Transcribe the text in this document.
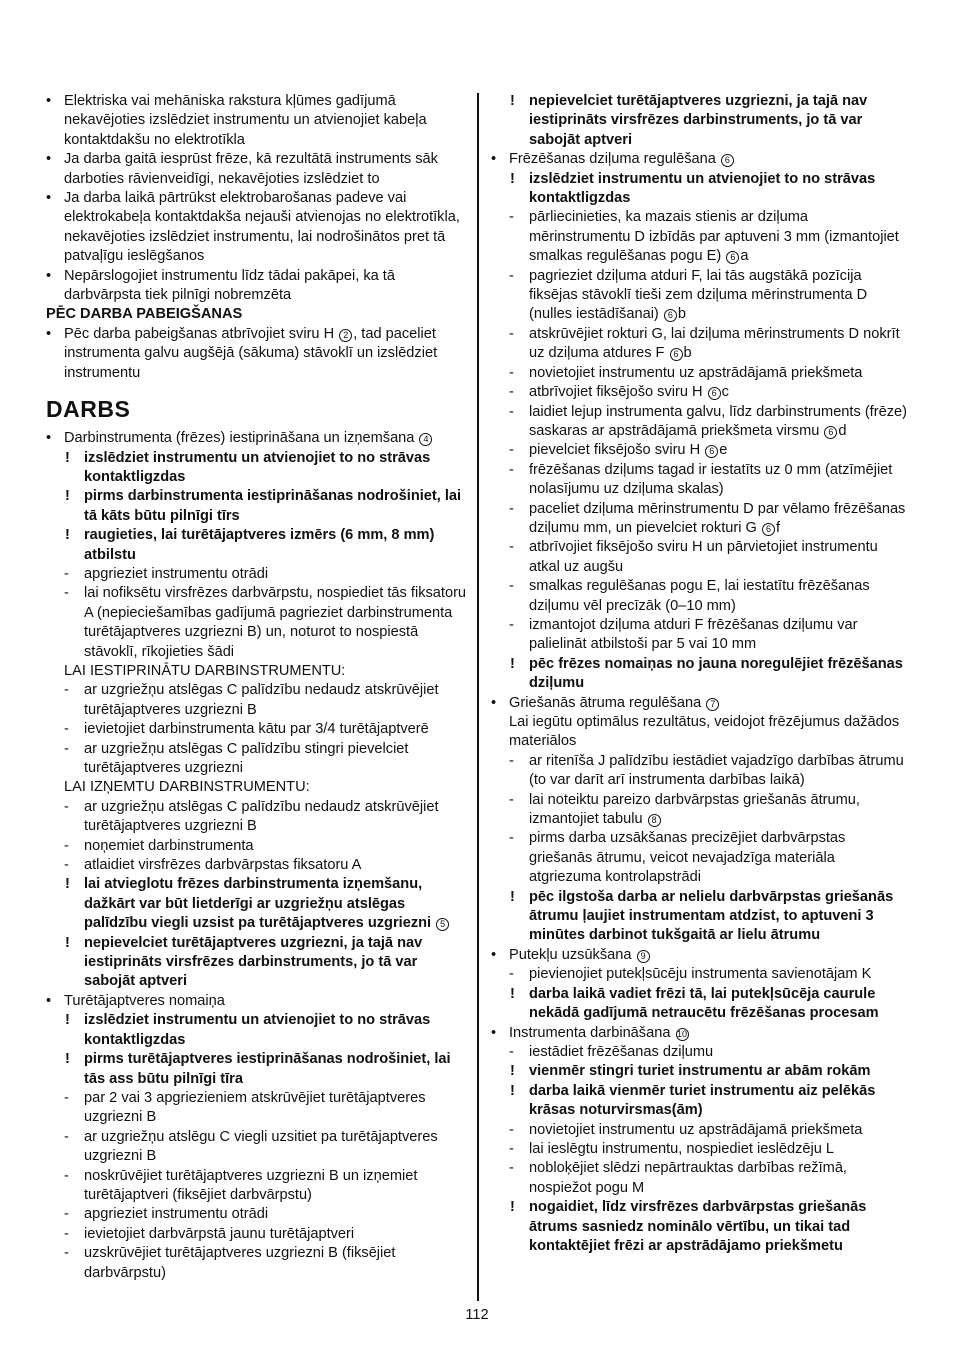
• Elektriska vai mehāniska rakstura kļūmes gadījumā nekavējoties izslēdziet instrumentu un atvienojiet kabeļa kontaktdakšu no elektrotīkla
• Ja darba gaitā iesprūst frēze, kā rezultātā instruments sāk darboties rāvienveidīgi, nekavējoties izslēdziet to
• Ja darba laikā pārtrūkst elektrobarošanas padeve vai elektrokabeļa kontaktdakša nejauši atvienojas no elektrotīkla, nekavējoties izslēdziet instrumentu, lai nodrošinātos pret tā patvaļīgu ieslēgšanos
• Nepārslogojiet instrumentu līdz tādai pakāpei, ka tā darbvārpsta tiek pilnīgi nobremzēta
PĒC DARBA PABEIGŠANAS
• Pēc darba pabeigšanas atbrīvojiet sviru H 2 , tad paceliet instrumenta galvu augšējā (sākuma) stāvoklī un izslēdziet instrumentu
DARBS
• Darbinstrumenta (frēzes) iestiprināšana un izņemšana 4
! izslēdziet instrumentu un atvienojiet to no strāvas kontaktligzdas
! pirms darbinstrumenta iestiprināšanas nodrošiniet, lai tā kāts būtu pilnīgi tīrs
! raugieties, lai turētājaptveres izmērs (6 mm, 8 mm) atbilstu
- apgrieziet instrumentu otrādi
- lai nofiksētu virsfrēzes darbvārpstu, nospiediet tās fiksatoru A (nepieciešamības gadījumā pagrieziet darbinstrumenta turētājaptveres uzgriezni B) un, noturot to nospiestā stāvoklī, rīkojieties šādi
LAI IESTIPRINĀTU DARBINSTRUMENTU:
- ar uzgriežņu atslēgas C palīdzību nedaudz atskrūvējiet turētājaptveres uzgriezni B
- ievietojiet darbinstrumenta kātu par 3/4 turētājaptverē
- ar uzgriežņu atslēgas C palīdzību stingri pievelciet turētājaptveres uzgriezni
LAI IZŅEMTU DARBINSTRUMENTU:
- ar uzgriežņu atslēgas C palīdzību nedaudz atskrūvējiet turētājaptveres uzgriezni B
- noņemiet darbinstrumenta
- atlaidiet virsfrēzes darbvārpstas fiksatoru A
! lai atvieglotu frēzes darbinstrumenta izņemšanu, dažkārt var būt lietderīgi ar uzgriežņu atslēgas palīdzību viegli uzsist pa turētājaptveres uzgriezni 5
! nepievelciet turētājaptveres uzgriezni, ja tajā nav iestiprināts virsfrēzes darbinstruments, jo tā var sabojāt aptveri
• Turētājaptveres nomaiņa
! izslēdziet instrumentu un atvienojiet to no strāvas kontaktligzdas
! pirms turētājaptveres iestiprināšanas nodrošiniet, lai tās ass būtu pilnīgi tīra
- par 2 vai 3 apgriezieniem atskrūvējiet turētājaptveres uzgriezni B
- ar uzgriežņu atslēgu C viegli uzsitiet pa turētājaptveres uzgriezni B
- noskrūvējiet turētājaptveres uzgriezni B un izņemiet turētājaptveri (fiksējiet darbvārpstu)
- apgrieziet instrumentu otrādi
- ievietojiet darbvārpstā jaunu turētājaptveri
- uzskrūvējiet turētājaptveres uzgriezni B (fiksējiet darbvārpstu)
! nepievelciet turētājaptveres uzgriezni, ja tajā nav iestiprināts virsfrēzes darbinstruments, jo tā var sabojāt aptveri
• Frēzēšanas dziļuma regulēšana 6
! izslēdziet instrumentu un atvienojiet to no strāvas kontaktligzdas
- pārliecinieties, ka mazais stienis ar dziļuma mērinstrumentu D izbīdās par aptuveni 3 mm (izmantojiet smalkas regulēšanas pogu E) 6 a
- pagrieziet dziļuma atduri F, lai tās augstākā pozīcija fiksējas stāvoklī tieši zem dziļuma mērinstrumenta D (nulles iestādīšanai) 6 b
- atskrūvējiet rokturi G, lai dziļuma mērinstruments D nokrīt uz dziļuma atdures F 6 b
- novietojiet instrumentu uz apstrādājamā priekšmeta
- atbrīvojiet fiksējošo sviru H 6 c
- laidiet lejup instrumenta galvu, līdz darbinstruments (frēze) saskaras ar apstrādājamā priekšmeta virsmu 6 d
- pievelciet fiksējošo sviru H 6 e
- frēzēšanas dziļums tagad ir iestatīts uz 0 mm (atzīmējiet nolasījumu uz dziļuma skalas)
- paceliet dziļuma mērinstrumentu D par vēlamo frēzēšanas dziļumu mm, un pievelciet rokturi G 6 f
- atbrīvojiet fiksējošo sviru H un pārvietojiet instrumentu atkal uz augšu
- smalkas regulēšanas pogu E, lai iestatītu frēzēšanas dziļumu vēl precīzāk (0–10 mm)
- izmantojot dziļuma atduri F frēzēšanas dziļumu var palielināt atbilstoši par 5 vai 10 mm
! pēc frēzes nomaiņas no jauna noregulējiet frēzēšanas dziļumu
• Griešanās ātruma regulēšana 7
Lai iegūtu optimālus rezultātus, veidojot frēzējumus dažādos materiālos
- ar ritenīša J palīdzību iestādiet vajadzīgo darbības ātrumu (to var darīt arī instrumenta darbības laikā)
- lai noteiktu pareizo darbvārpstas griešanās ātrumu, izmantojiet tabulu 8
- pirms darba uzsākšanas precizējiet darbvārpstas griešanās ātrumu, veicot nevajadzīga materiāla atgriezuma kontrolapstrādi
! pēc ilgstoša darba ar nelielu darbvārpstas griešanās ātrumu ļaujiet instrumentam atdzist, to aptuveni 3 minūtes darbinot tukšgaitā ar lielu ātrumu
• Putekļu uzsūkšana 9
- pievienojiet putekļsūcēju instrumenta savienotājam K
! darba laikā vadiet frēzi tā, lai putekļsūcēja caurule nekādā gadījumā netraucētu frēzēšanas procesam
• Instrumenta darbināšana 10
- iestādiet frēzēšanas dziļumu
! vienmēr stingri turiet instrumentu ar abām rokām
! darba laikā vienmēr turiet instrumentu aiz pelēkās krāsas noturvirsmas(ām)
- novietojiet instrumentu uz apstrādājamā priekšmeta
- lai ieslēgtu instrumentu, nospiediet ieslēdzēju L
- nobloķējiet slēdzi nepārtrauktas darbības režīmā, nospiežot pogu M
! nogaidiet, līdz virsfrēzes darbvārpstas griešanās ātrums sasniedz nominālo vērtību, un tikai tad kontaktējiet frēzi ar apstrādājamo priekšmetu
112
